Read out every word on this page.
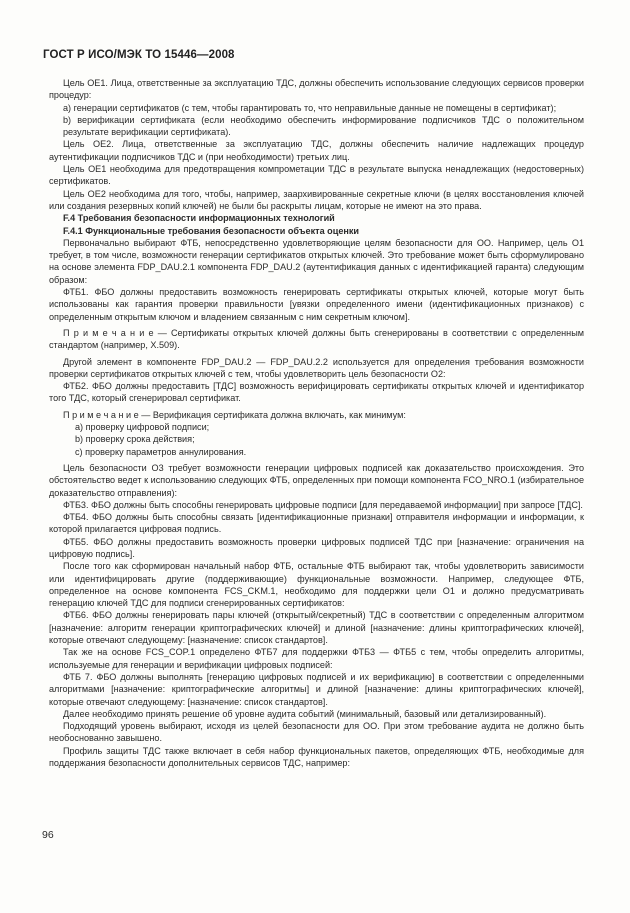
ГОСТ Р ИСО/МЭК ТО 15446—2008

Цель ОЕ1. Лица, ответственные за эксплуатацию ТДС, должны обеспечить использование следующих сервисов проверки процедур:

a) генерации сертификатов (с тем, чтобы гарантировать то, что неправильные данные не помещены в сертификат);

b) верификации сертификата (если необходимо обеспечить информирование подписчиков ТДС о положительном результате верификации сертификата).

Цель ОЕ2. Лица, ответственные за эксплуатацию ТДС, должны обеспечить наличие надлежащих процедур аутентификации подписчиков ТДС и (при необходимости) третьих лиц.

Цель ОЕ1 необходима для предотвращения компрометации ТДС в результате выпуска ненадлежащих (недостоверных) сертификатов.

Цель ОЕ2 необходима для того, чтобы, например, заархивированные секретные ключи (в целях восстановления ключей или создания резервных копий ключей) не были бы раскрыты лицам, которые не имеют на это права.

F.4 Требования безопасности информационных технологий

F.4.1 Функциональные требования безопасности объекта оценки

Первоначально выбирают ФТБ, непосредственно удовлетворяющие целям безопасности для ОО. Например, цель О1 требует, в том числе, возможности генерации сертификатов открытых ключей. Это требование может быть сформулировано на основе элемента FDP_DAU.2.1 компонента FDP_DAU.2 (аутентификация данных с идентификацией гаранта) следующим образом:

ФТБ1. ФБО должны предоставить возможность генерировать сертификаты открытых ключей, которые могут быть использованы как гарантия проверки правильности [увязки определенного имени (идентификационных признаков) с определенным открытым ключом и владением связанным с ним секретным ключом].

П р и м е ч а н и е — Сертификаты открытых ключей должны быть сгенерированы в соответствии с определенным стандартом (например, X.509).

Другой элемент в компоненте FDP_DAU.2 — FDP_DAU.2.2 используется для определения требования возможности проверки сертификатов открытых ключей с тем, чтобы удовлетворить цель безопасности О2:

ФТБ2. ФБО должны предоставить [ТДС] возможность верифицировать сертификаты открытых ключей и идентификатор того ТДС, который сгенерировал сертификат.

П р и м е ч а н и е — Верификация сертификата должна включать, как минимум:

a) проверку цифровой подписи;

b) проверку срока действия;

c) проверку параметров аннулирования.

Цель безопасности О3 требует возможности генерации цифровых подписей как доказательство происхождения. Это обстоятельство ведет к использованию следующих ФТБ, определенных при помощи компонента FCO_NRO.1 (избирательное доказательство отправления):

ФТБ3. ФБО должны быть способны генерировать цифровые подписи [для передаваемой информации] при запросе [ТДС].

ФТБ4. ФБО должны быть способны связать [идентификационные признаки] отправителя информации и информации, к которой прилагается цифровая подпись.

ФТБ5. ФБО должны предоставить возможность проверки цифровых подписей ТДС при [назначение: ограничения на цифровую подпись].

После того как сформирован начальный набор ФТБ, остальные ФТБ выбирают так, чтобы удовлетворить зависимости или идентифицировать другие (поддерживающие) функциональные возможности. Например, следующее ФТБ, определенное на основе компонента FCS_CKM.1, необходимо для поддержки цели О1 и должно предусматривать генерацию ключей ТДС для подписи сгенерированных сертификатов:

ФТБ6. ФБО должны генерировать пары ключей (открытый/секретный) ТДС в соответствии с определенным алгоритмом [назначение: алгоритм генерации криптографических ключей] и длиной [назначение: длины криптографических ключей], которые отвечают следующему: [назначение: список стандартов].

Так же на основе FCS_COP.1 определено ФТБ7 для поддержки ФТБ3 — ФТБ5 с тем, чтобы определить алгоритмы, используемые для генерации и верификации цифровых подписей:

ФТБ 7. ФБО должны выполнять [генерацию цифровых подписей и их верификацию] в соответствии с определенными алгоритмами [назначение: криптографические алгоритмы] и длиной [назначение: длины криптографических ключей], которые отвечают следующему: [назначение: список стандартов].

Далее необходимо принять решение об уровне аудита событий (минимальный, базовый или детализированный).

Подходящий уровень выбирают, исходя из целей безопасности для ОО. При этом требование аудита не должно быть необоснованно завышено.

Профиль защиты ТДС также включает в себя набор функциональных пакетов, определяющих ФТБ, необходимые для поддержания безопасности дополнительных сервисов ТДС, например:

96
